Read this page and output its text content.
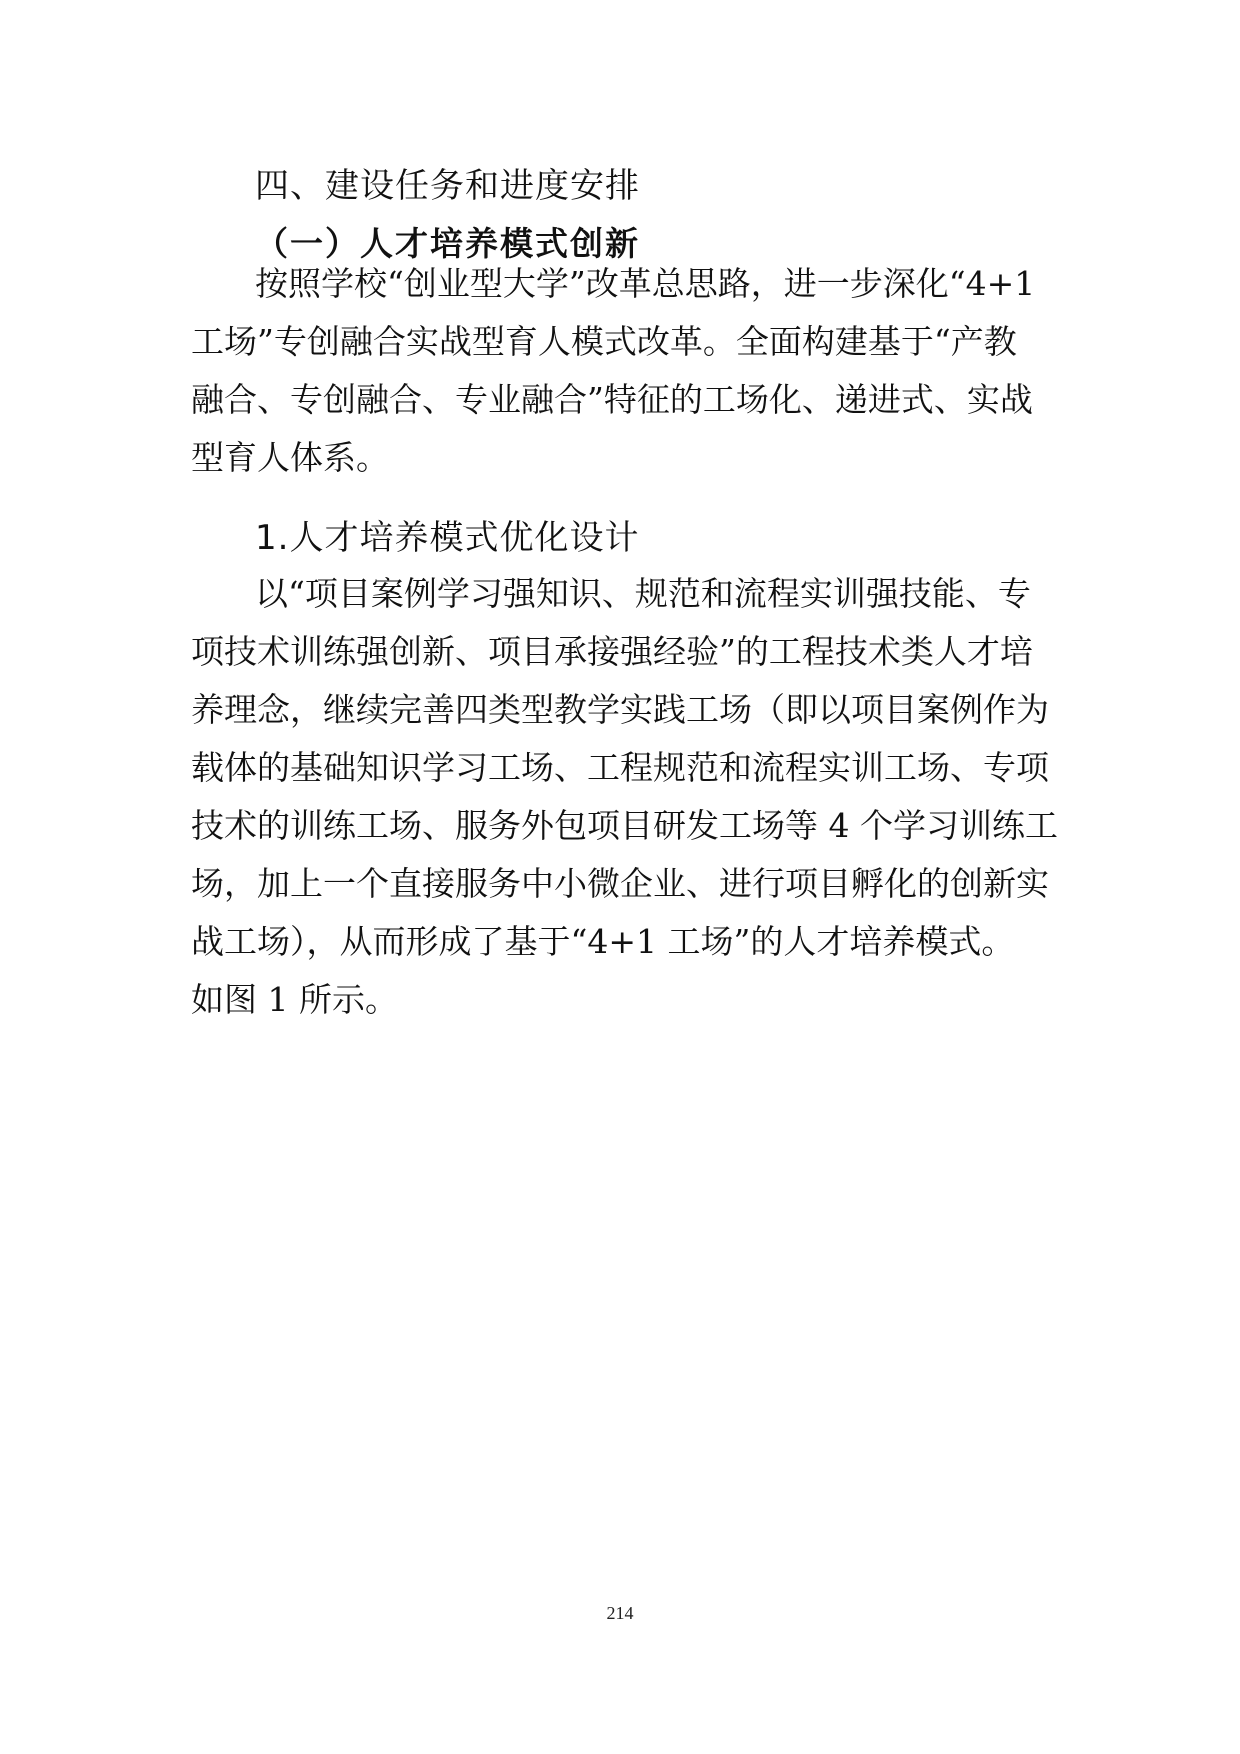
四、建设任务和进度安排
（一）人才培养模式创新
按照学校“创业型大学”改革总思路，进一步深化“4+1
工场”专创融合实战型育人模式改革。全面构建基于“产教
融合、专创融合、专业融合”特征的工场化、递进式、实战
型育人体系。
1.人才培养模式优化设计
以“项目案例学习强知识、规范和流程实训强技能、专
项技术训练强创新、项目承接强经验”的工程技术类人才培
养理念，继续完善四类型教学实践工场（即以项目案例作为
载体的基础知识学习工场、工程规范和流程实训工场、专项
技术的训练工场、服务外包项目研发工场等 4 个学习训练工
场，加上一个直接服务中小微企业、进行项目孵化的创新实
战工场），从而形成了基于“4+1 工场”的人才培养模式。
如图 1 所示。
214
